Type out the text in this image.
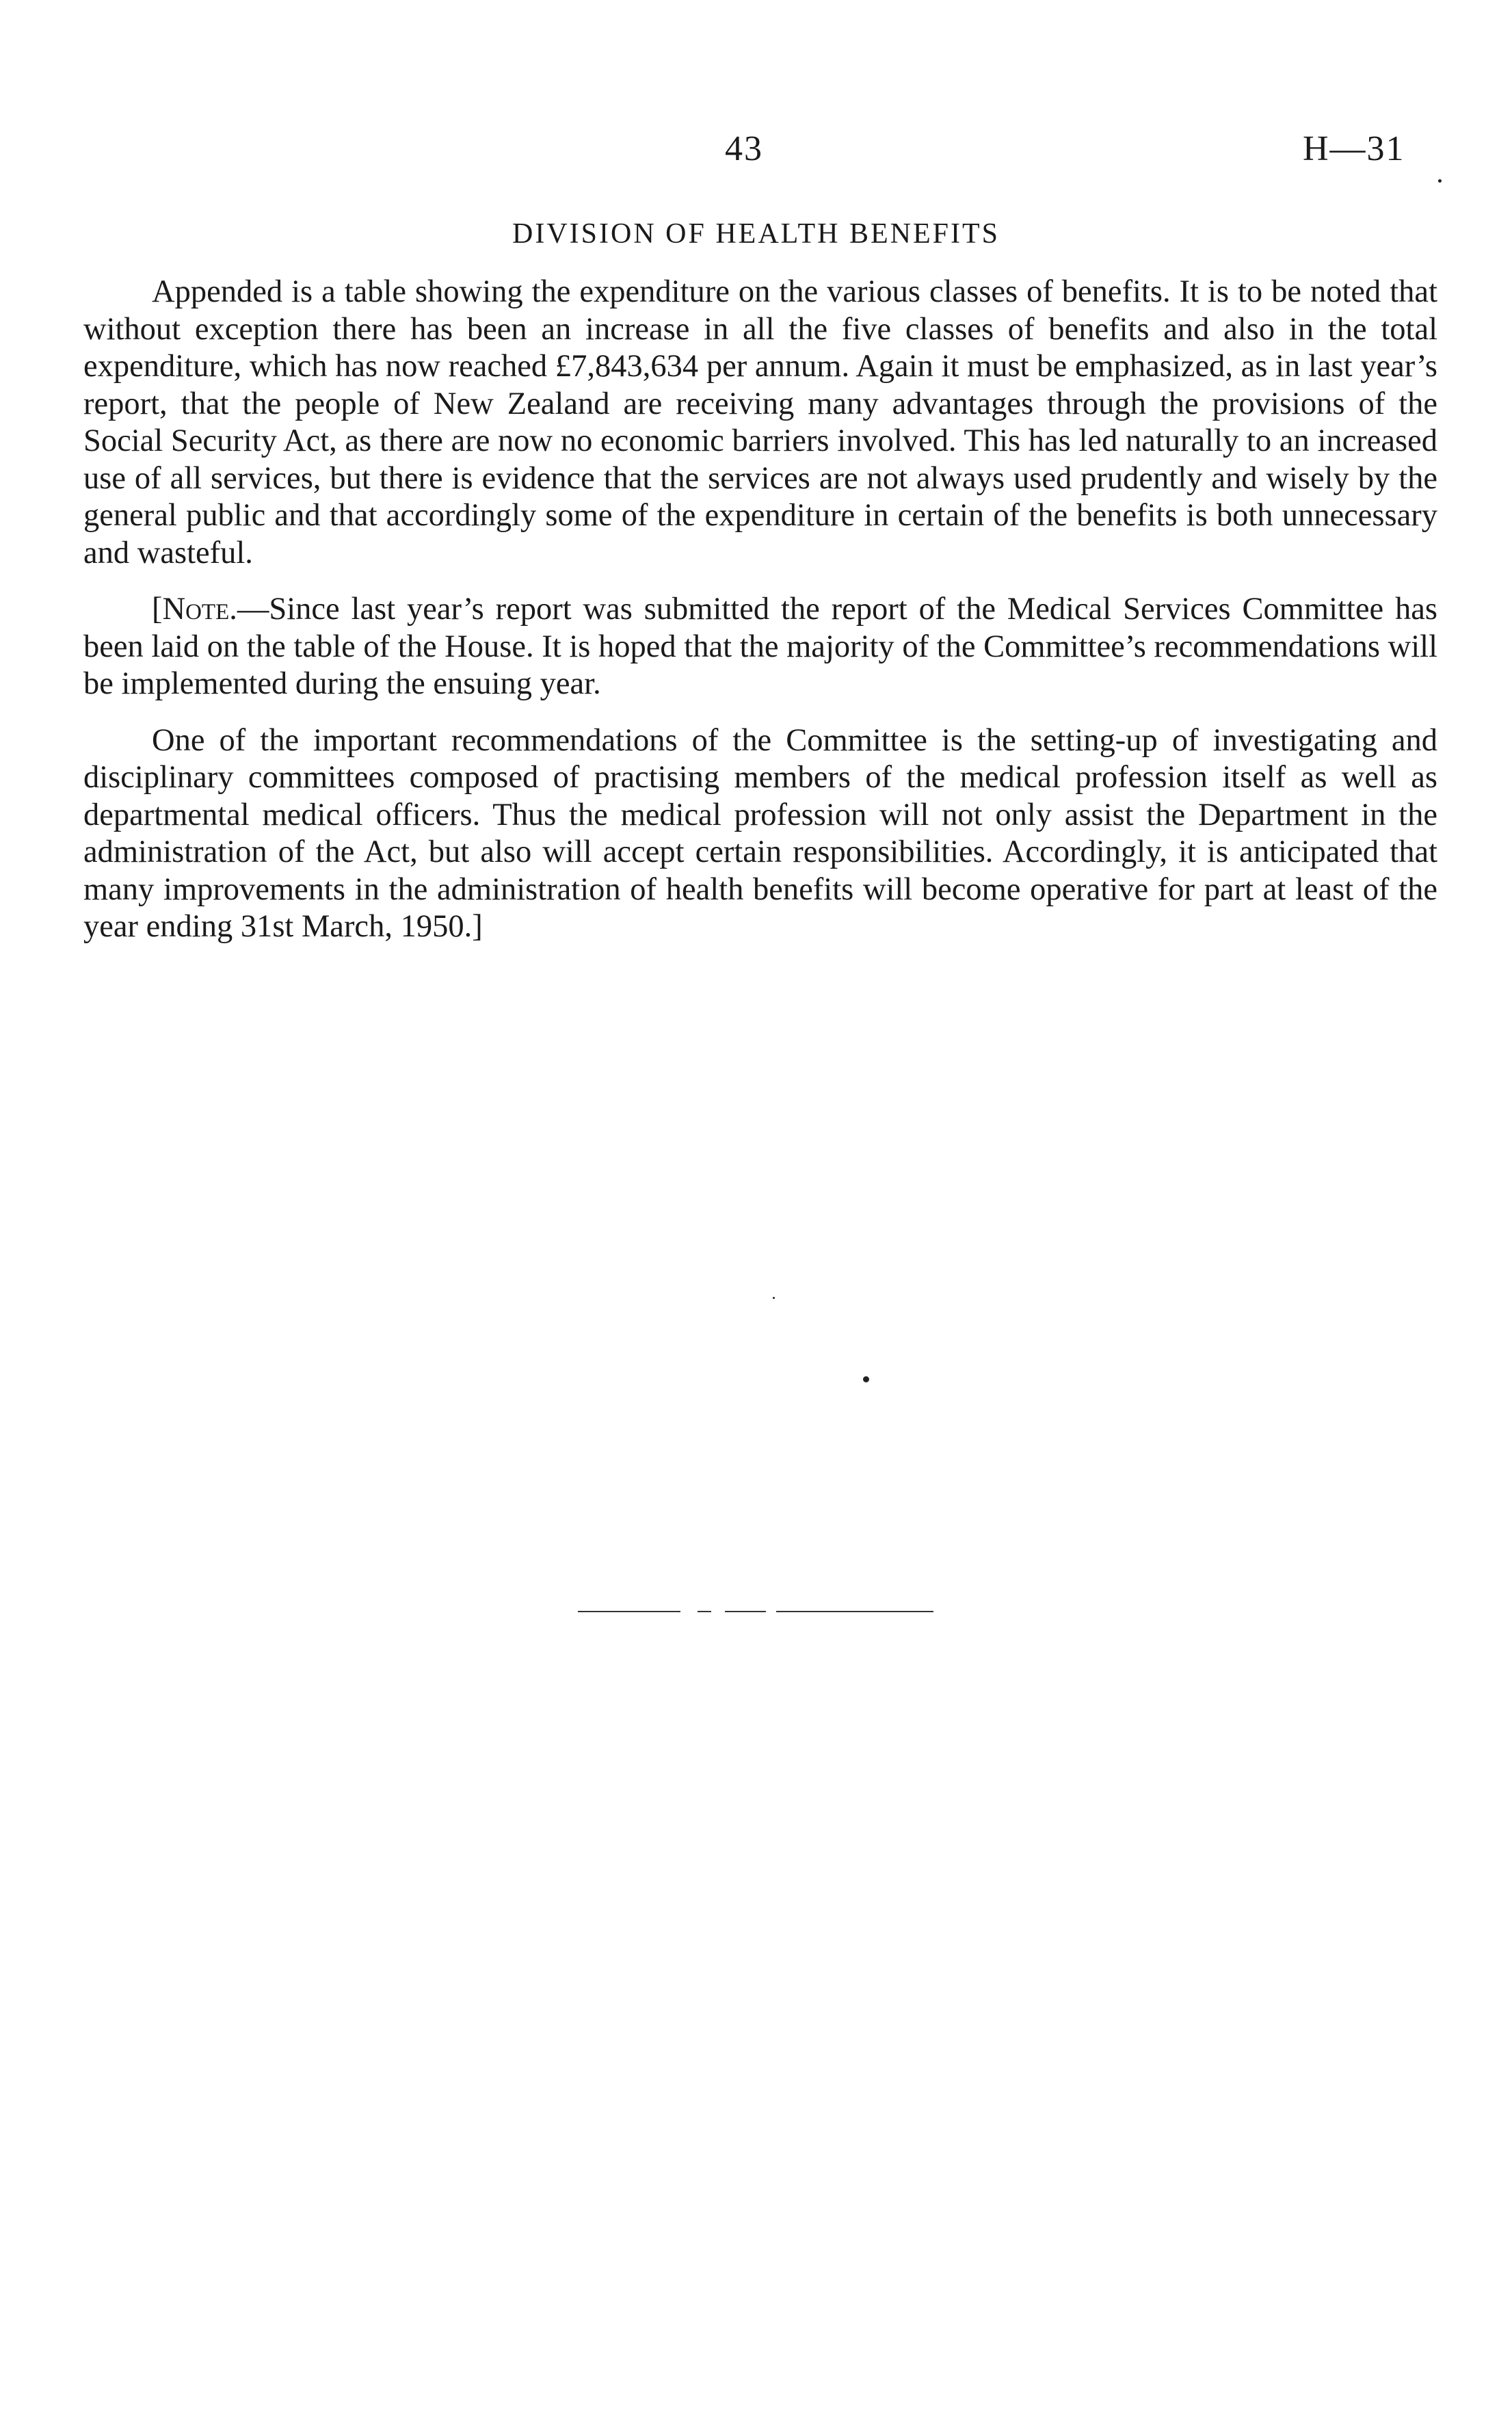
43	H—31
DIVISION OF HEALTH BENEFITS

Appended is a table showing the expenditure on the various classes of benefits. It is to be noted that without exception there has been an increase in all the five classes of benefits and also in the total expenditure, which has now reached £7,843,634 per annum. Again it must be emphasized, as in last year’s report, that the people of New Zealand are receiving many advantages through the provisions of the Social Security Act, as there are now no economic barriers involved. This has led naturally to an increased use of all services, but there is evidence that the services are not always used prudently and wisely by the general public and that accordingly some of the expenditure in certain of the benefits is both unnecessary and wasteful.

[Note.—Since last year’s report was submitted the report of the Medical Services Committee has been laid on the table of the House. It is hoped that the majority of the Committee’s recommendations will be implemented during the ensuing year.

One of the important recommendations of the Committee is the setting-up of investigating and disciplinary committees composed of practising members of the medical profession itself as well as departmental medical officers. Thus the medical profession will not only assist the Department in the administration of the Act, but also will accept certain responsibilities. Accordingly, it is anticipated that many improvements in the administration of health benefits will become operative for part at least of the year ending 31st March, 1950.]
